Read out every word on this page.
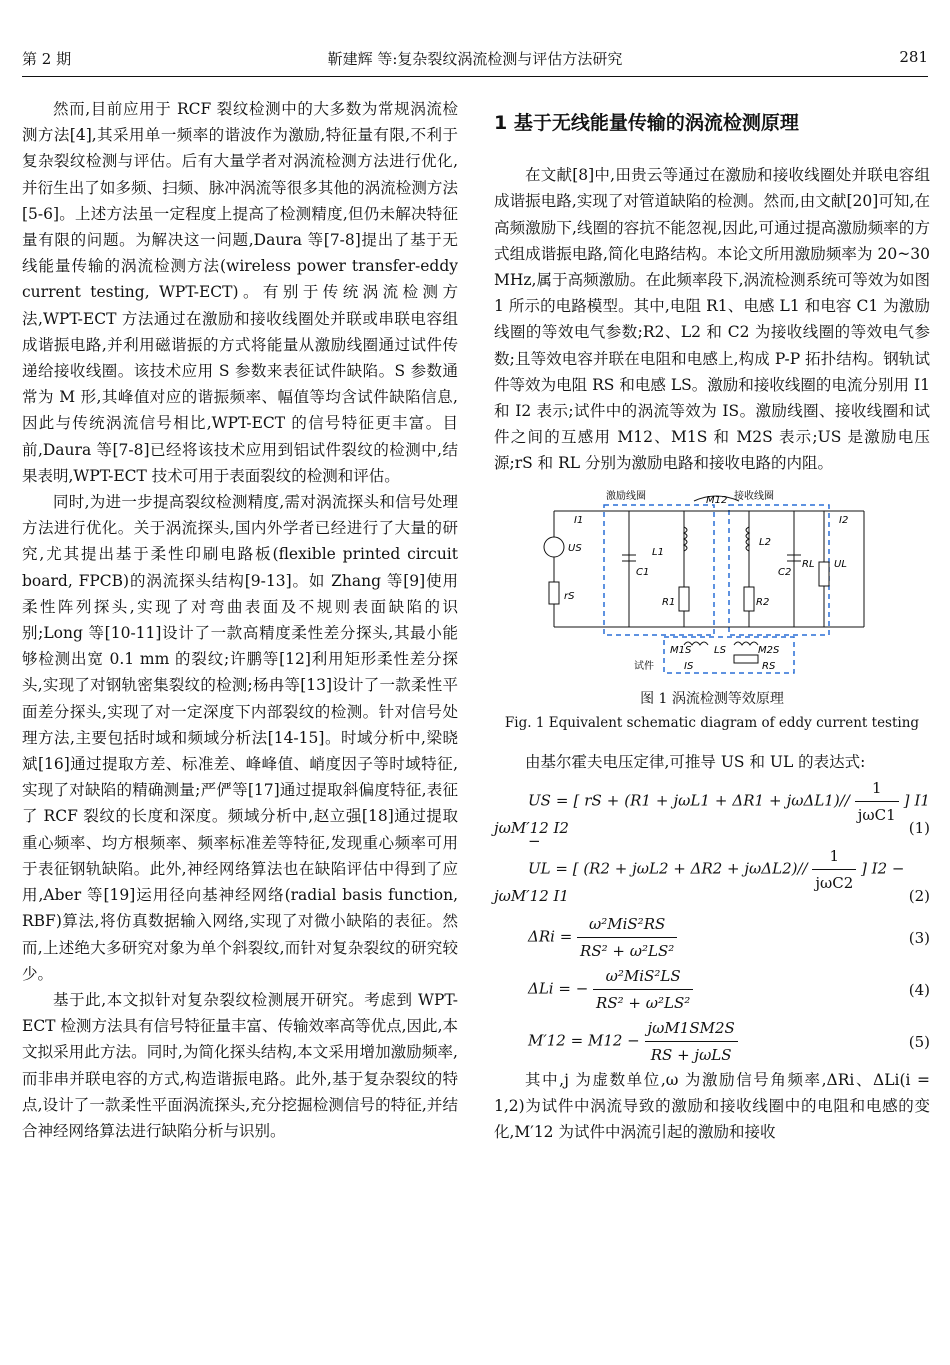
第 2 期	靳建辉 等:复杂裂纹涡流检测与评估方法研究	281

然而,目前应用于 RCF 裂纹检测中的大多数为常规涡流检测方法[4],其采用单一频率的谐波作为激励,特征量有限,不利于复杂裂纹检测与评估。后有大量学者对涡流检测方法进行优化,并衍生出了如多频、扫频、脉冲涡流等很多其他的涡流检测方法[5-6]。上述方法虽一定程度上提高了检测精度,但仍未解决特征量有限的问题。为解决这一问题,Daura 等[7-8]提出了基于无线能量传输的涡流检测方法(wireless power transfer-eddy current testing, WPT-ECT)。有别于传统涡流检测方法,WPT-ECT 方法通过在激励和接收线圈处并联或串联电容组成谐振电路,并利用磁谐振的方式将能量从激励线圈通过试件传递给接收线圈。该技术应用 S 参数来表征试件缺陷。S 参数通常为 M 形,其峰值对应的谐振频率、幅值等均含试件缺陷信息,因此与传统涡流信号相比,WPT-ECT 的信号特征更丰富。目前,Daura 等[7-8]已经将该技术应用到铝试件裂纹的检测中,结果表明,WPT-ECT 技术可用于表面裂纹的检测和评估。

同时,为进一步提高裂纹检测精度,需对涡流探头和信号处理方法进行优化。关于涡流探头,国内外学者已经进行了大量的研究,尤其提出基于柔性印刷电路板(flexible printed circuit board, FPCB)的涡流探头结构[9-13]。如 Zhang 等[9]使用柔性阵列探头,实现了对弯曲表面及不规则表面缺陷的识别;Long 等[10-11]设计了一款高精度柔性差分探头,其最小能够检测出宽 0.1 mm 的裂纹;许鹏等[12]利用矩形柔性差分探头,实现了对钢轨密集裂纹的检测;杨冉等[13]设计了一款柔性平面差分探头,实现了对一定深度下内部裂纹的检测。针对信号处理方法,主要包括时域和频域分析法[14-15]。时域分析中,梁晓斌[16]通过提取方差、标准差、峰峰值、峭度因子等时域特征,实现了对缺陷的精确测量;严俨等[17]通过提取斜偏度特征,表征了 RCF 裂纹的长度和深度。频域分析中,赵立强[18]通过提取重心频率、均方根频率、频率标准差等特征,发现重心频率可用于表征钢轨缺陷。此外,神经网络算法也在缺陷评估中得到了应用,Aber 等[19]运用径向基神经网络(radial basis function, RBF)算法,将仿真数据输入网络,实现了对微小缺陷的表征。然而,上述绝大多研究对象为单个斜裂纹,而针对复杂裂纹的研究较少。

基于此,本文拟针对复杂裂纹检测展开研究。考虑到 WPT-ECT 检测方法具有信号特征量丰富、传输效率高等优点,因此,本文拟采用此方法。同时,为简化探头结构,本文采用增加激励频率,而非串并联电容的方式,构造谐振电路。此外,基于复杂裂纹的特点,设计了一款柔性平面涡流探头,充分挖掘检测信号的特征,并结合神经网络算法进行缺陷分析与识别。

1 基于无线能量传输的涡流检测原理

在文献[8]中,田贵云等通过在激励和接收线圈处并联电容组成谐振电路,实现了对管道缺陷的检测。然而,由文献[20]可知,在高频激励下,线圈的容抗不能忽视,因此,可通过提高激励频率的方式组成谐振电路,简化电路结构。本论文所用激励频率为 20~30 MHz,属于高频激励。在此频率段下,涡流检测系统可等效为如图 1 所示的电路模型。其中,电阻 R1、电感 L1 和电容 C1 为激励线圈的等效电气参数;R2、L2 和 C2 为接收线圈的等效电气参数;且等效电容并联在电阻和电感上,构成 P-P 拓扑结构。钢轨试件等效为电阻 RS 和电感 LS。激励和接收线圈的电流分别用 I1 和 I2 表示;试件中的涡流等效为 IS。激励线圈、接收线圈和试件之间的互感用 M12、M1S 和 M2S 表示;US 是激励电压源;rS 和 RL 分别为激励电路和接收电路的内阻。

激励线圈	接收线圈
M12
试件
I1	I2
US	L1
L2
C1	C2
RL UL
rS
R1	R2
M1S	M2S
LS
IS	RS
图 1 涡流检测等效原理
Fig. 1 Equivalent schematic diagram of eddy current testing

由基尔霍夫电压定律,可推导 US 和 UL 的表达式:

US = [ rS + $(R1 + j\omega L1 + \Delta R1 + j\omega\Delta L1)// \frac{1}{\text{jωC1}}$ ] I1 −
jωM′12 I2	(1)
UL = [ $(R2 + j\omega L2 + \Delta R2 + j\omega\Delta L2)// \frac{1}{\text{jωC2}}$ ] I2 −
jωM′12 I1	(2)
$\Delta Ri = \frac{\text{ω²MiS²RS}}{\text{RS² + ω²LS²}}$	(3)
ΔLi = − $\frac{\text{ω²MiS²LS}}{\text{RS² + ω²LS²}}$	(4)
$M'12 = M12 - \frac{\text{jωM1SM2S}}{\text{RS + jωLS}}$	(5)

其中,j 为虚数单位,ω 为激励信号角频率,ΔRi、ΔLi(i = 1,2)为试件中涡流导致的激励和接收线圈中的电阻和电感的变化,M′12 为试件中涡流引起的激励和接收
